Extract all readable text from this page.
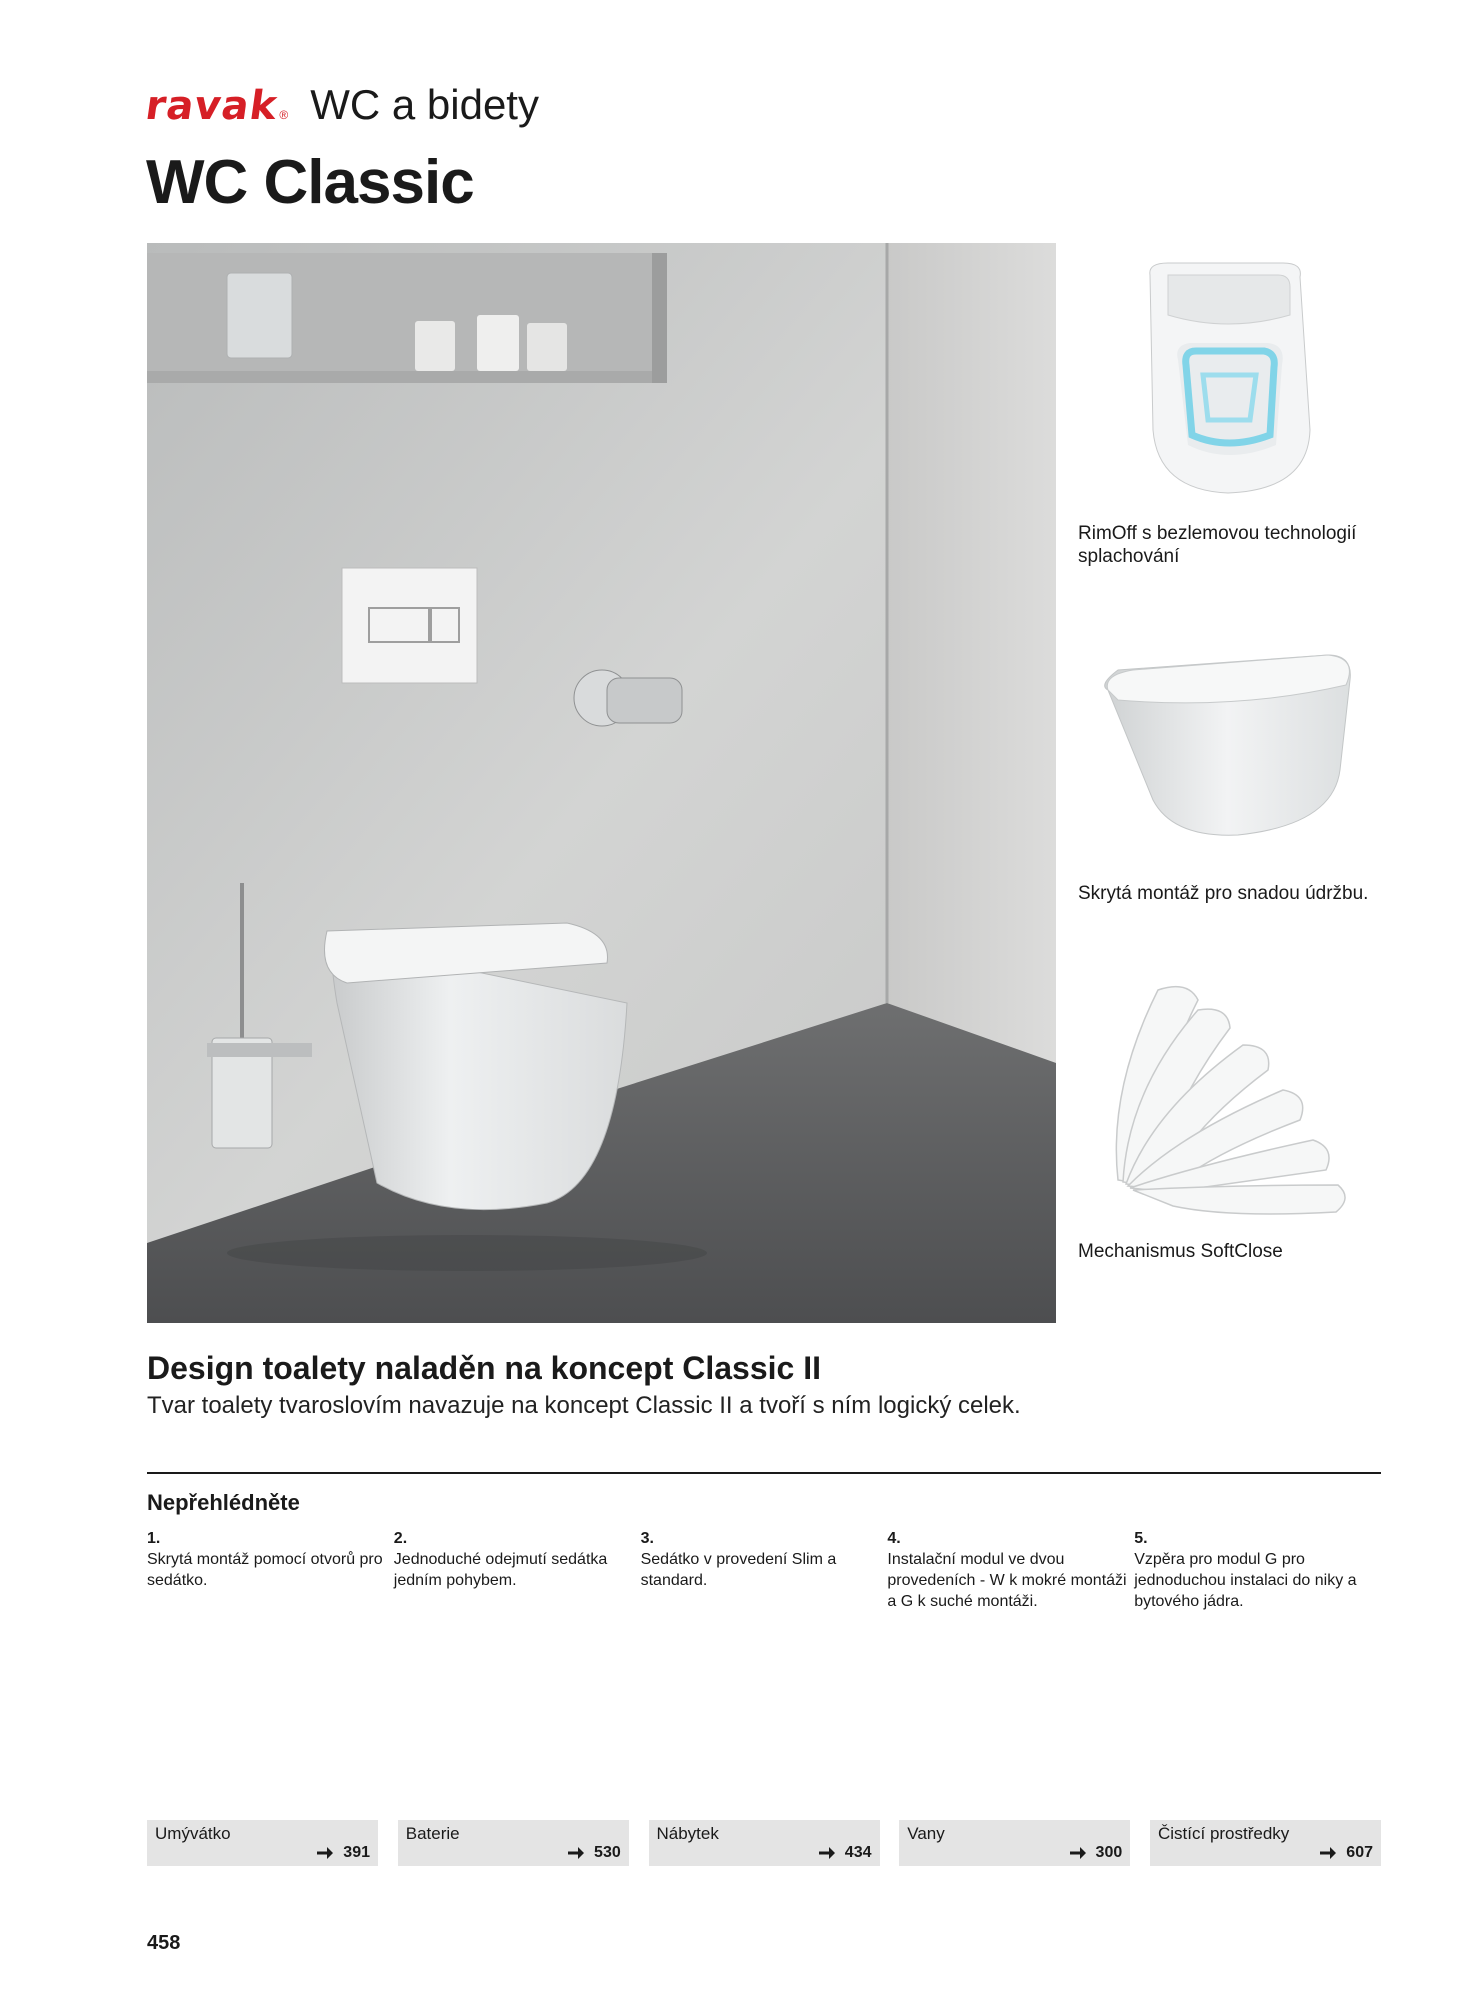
ravak
® WC a bidety
WC Classic
RimOff s bezlemovou technologií splachování
Skrytá montáž pro snadou údržbu.
Mechanismus SoftClose
Design toalety naladěn na koncept Classic II
Tvar toalety tvaroslovím navazuje na koncept Classic II a tvoří s ním logický celek.
Nepřehlédněte
1.
Skrytá montáž pomocí otvorů pro sedátko.
2.
Jednoduché odejmutí sedátka jedním pohybem.
3.
Sedátko v provedení Slim a standard.
4.
Instalační modul ve dvou provedeních - W k mokré montáži a G k suché montáži.
5.
Vzpěra pro modul G pro jednoduchou instalaci do niky a bytového jádra.
Umývátko
391
Baterie
530
Nábytek
434
Vany
300
Čistící prostředky
607
458
